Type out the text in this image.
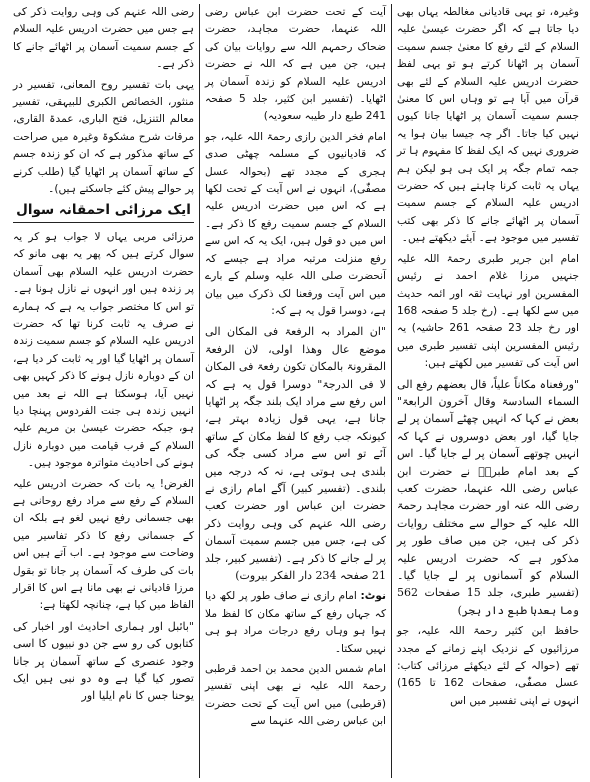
وغیرہ، تو یہی قادیانی مغالطہ یہاں بھی دیا جاتا ہے کہ اگر حضرت عیسیٰ علیہ السلام کے لئے رفع کا معنیٰ جسم سمیت آسمان پر اٹھانا کرتے ہو تو یہی لفظ حضرت ادریس علیہ السلام کے لئے بھی قرآن میں آیا ہے تو وہاں اس کا معنیٰ جسم سمیت آسمان پر اٹھایا جانا کیوں نہیں کیا جاتا۔ اگر چہ جیسا بیان ہوا یہ ضروری نہیں کہ ایک لفظ کا مفہوم ہا تر جمہ تمام جگہ پر ایک ہی ہو لیکن ہم یہاں یہ ثابت کرنا چاہتے ہیں کہ حضرت ادریس علیہ السلام کے جسم سمیت آسمان پر اٹھائے جانے کا ذکر بھی کتب تفسیر میں موجود ہے۔ آیئے دیکھتے ہیں۔
امام ابن جریر طبری رحمۃ اللہ علیہ جنہیں مرزا غلام احمد نے رئیس المفسرین اور نہایت ثقہ اور ائمہ حدیث میں سے لکھا ہے۔ (رخ جلد 5 صفحہ 168 اور رخ جلد 23 صفحہ 261 حاشیہ) یہ رئیس المفسرین اپنی تفسیر طبری میں اس آیت کی تفسیر میں لکھتے ہیں:
"ورفعناہ مکاناً علیاً، قال بعضھم رفع الی السماء السادسۃ وقال آخرون الرابعۃ" بعض نے کہا کہ انہیں چھٹے آسمان پر لے جایا گیا، اور بعض دوسروں نے کہا کہ انہیں چوتھے آسمان پر لے جایا گیا۔ اس کے بعد امام طبریؒ نے حضرت ابن عباس رضی اللہ عنہما، حضرت کعب رضی اللہ عنہ اور حضرت مجاہد رحمۃ اللہ علیہ کے حوالے سے مختلف روایات ذکر کی ہیں، جن میں صاف طور پر مذکور ہے کہ حضرت ادریس علیہ السلام کو آسمانوں پر لے جایا گیا۔ (تفسیر طبری، جلد 15 صفحات 562 وما بعدہا طبع دار ہجر)
حافظ ابن کثیر رحمۃ اللہ علیہ، جو مرزائیوں کے نزدیک اپنے زمانے کے مجدد تھے (حوالہ کے لئے دیکھئے مرزائی کتاب: عسل مصفّٰی، صفحات 162 تا 165) انہوں نے اپنی تفسیر میں اس
آیت کے تحت حضرت ابن عباس رضی اللہ عنہما، حضرت مجاہد، حضرت ضحاک رحمہم اللہ سے روایات بیان کی ہیں، جن میں ہے کہ اللہ نے حضرت ادریس علیہ السلام کو زندہ آسمان پر اٹھایا۔ (تفسیر ابن کثیر، جلد 5 صفحہ 241 طبع دار طیبہ سعودیہ)
امام فخر الدین رازی رحمۃ اللہ علیہ، جو کہ قادیانیوں کے مسلمہ چھٹی صدی ہجری کے مجدد تھے (بحوالہ عسل مصفّٰی)، انہوں نے اس آیت کے تحت لکھا ہے کہ اس میں حضرت ادریس علیہ السلام کے جسم سمیت رفع کا ذکر ہے۔ اس میں دو قول ہیں، ایک یہ کہ اس سے رفع منزلت مرتبہ مراد ہے جیسے کہ آنحضرت صلی اللہ علیہ وسلم کے بارے میں اس آیت ورفعنا لک ذکرک میں بیان ہے، دوسرا قول یہ ہے کہ:
"ان المراد بہ الرفعۃ فی المکان الی موضع عال وھذا اولی، لان الرفعۃ المقرونۃ بالمکان تکون رفعۃ فی المکان لا فی الدرجۃ" دوسرا قول یہ ہے کہ اس رفع سے مراد ایک بلند جگہ پر اٹھایا جانا ہے، یہی قول زیادہ بہتر ہے، کیونکہ جب رفع کا لفظ مکان کے ساتھ آئے تو اس سے مراد کسی جگہ کی بلندی ہی ہوتی ہے، نہ کہ درجہ میں بلندی۔ (تفسیر کبیر) آگے امام رازی نے حضرت ابن عباس اور حضرت کعب رضی اللہ عنہم کی وہی روایت ذکر کی ہے، جس میں جسم سمیت آسمان پر لے جانے کا ذکر ہے۔ (تفسیر کبیر، جلد 21 صفحہ 234 دار الفکر بیروت)
نوٹ: امام رازی نے صاف طور پر لکھ دیا کہ جہاں رفع کے ساتھ مکان کا لفظ ملا ہوا ہو وہاں رفع درجات مراد ہو ہی نہیں سکتا۔
امام شمس الدین محمد بن احمد قرطبی رحمۃ اللہ علیہ نے بھی اپنی تفسیر (قرطبی) میں اس آیت کے تحت حضرت ابن عباس رضی اللہ عنہما سے
رضی اللہ عنہم کی وہی روایت ذکر کی ہے جس میں حضرت ادریس علیہ السلام کے جسم سمیت آسمان پر اٹھائے جانے کا ذکر ہے۔
یہی بات تفسیر روح المعانی، تفسیر در منثور، الخصائص الکبری للبیہقی، تفسیر معالم التنزیل، فتح الباری، عمدۃ القاری، مرقات شرح مشکوۃ وغیرہ میں صراحت کے ساتھ مذکور ہے کہ ان کو زندہ جسم کے ساتھ آسمان پر اٹھایا گیا (طلب کرنے پر حوالے پیش کئے جاسکتے ہیں)۔
ایک مرزائی احمقانہ سوال
مرزائی مربی یہاں لا جواب ہو کر یہ سوال کرتے ہیں کہ پھر یہ بھی مانو کہ حضرت ادریس علیہ السلام بھی آسمان پر زندہ ہیں اور انہوں نے نازل ہونا ہے۔ تو اس کا مختصر جواب یہ ہے کہ ہمارے نے صرف یہ ثابت کرنا تھا کہ حضرت ادریس علیہ السلام کو جسم سمیت زندہ آسمان پر اٹھایا گیا اور یہ ثابت کر دیا ہے، ان کے دوبارہ نازل ہونے کا ذکر کہیں بھی نہیں آیا، ہوسکتا ہے اللہ نے بعد میں انہیں زندہ ہی جنت الفردوس پہنچا دیا ہو، جبکہ حضرت عیسیٰ بن مریم علیہ السلام کے قرب قیامت میں دوبارہ نازل ہونے کی احادیث متواترہ موجود ہیں۔
الغرض! یہ بات کہ حضرت ادریس علیہ السلام کے رفع سے مراد رفع روحانی ہے بھی جسمانی رفع نہیں لغو ہے بلکہ ان کے جسمانی رفع کا ذکر تفاسیر میں وضاحت سے موجود ہے۔ اب آتے ہیں اس بات کی طرف کہ آسمان پر جانا تو بقول مرزا قادیانی نے بھی مانا ہے اس کا اقرار الفاظ میں کیا ہے، چنانچہ لکھتا ہے:
"بائبل اور ہماری احادیث اور اخبار کی کتابوں کی رو سے جن دو نبیوں کا اسی وجود عنصری کے ساتھ آسمان پر جانا تصور کیا گیا ہے وہ دو نبی ہیں ایک یوحنا جس کا نام ایلیا اور
